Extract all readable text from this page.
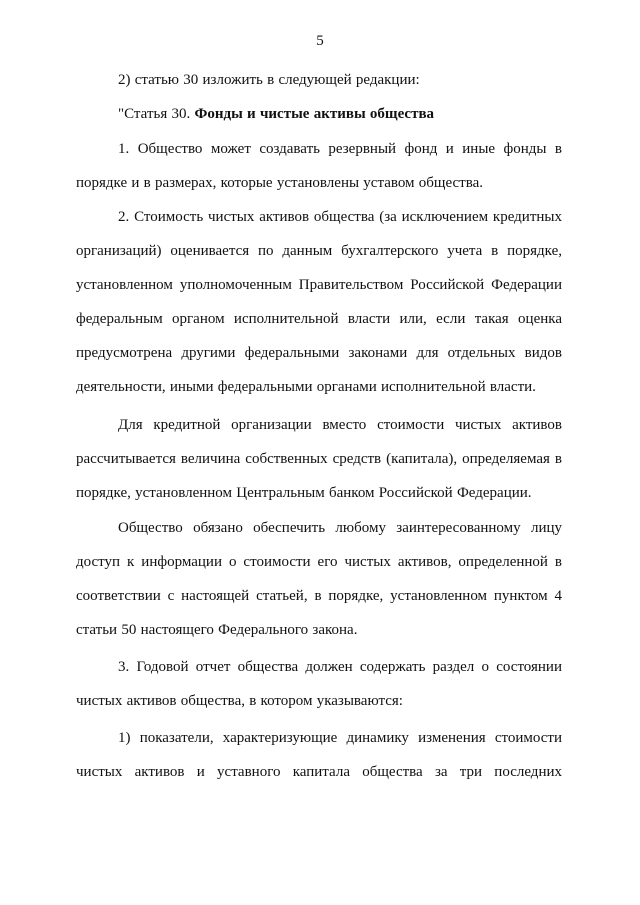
5

2) статью 30 изложить в следующей редакции:

"Статья 30. Фонды и чистые активы общества

1. Общество может создавать резервный фонд и иные фонды в порядке и в размерах, которые установлены уставом общества.

2. Стоимость чистых активов общества (за исключением кредитных организаций) оценивается по данным бухгалтерского учета в порядке, установленном уполномоченным Правительством Российской Федерации федеральным органом исполнительной власти или, если такая оценка предусмотрена другими федеральными законами для отдельных видов деятельности, иными федеральными органами исполнительной власти.

Для кредитной организации вместо стоимости чистых активов рассчитывается величина собственных средств (капитала), определяемая в порядке, установленном Центральным банком Российской Федерации.

Общество обязано обеспечить любому заинтересованному лицу доступ к информации о стоимости его чистых активов, определенной в соответствии с настоящей статьей, в порядке, установленном пунктом 4 статьи 50 настоящего Федерального закона.

3. Годовой отчет общества должен содержать раздел о состоянии чистых активов общества, в котором указываются:

1) показатели, характеризующие динамику изменения стоимости чистых активов и уставного капитала общества за три последних
